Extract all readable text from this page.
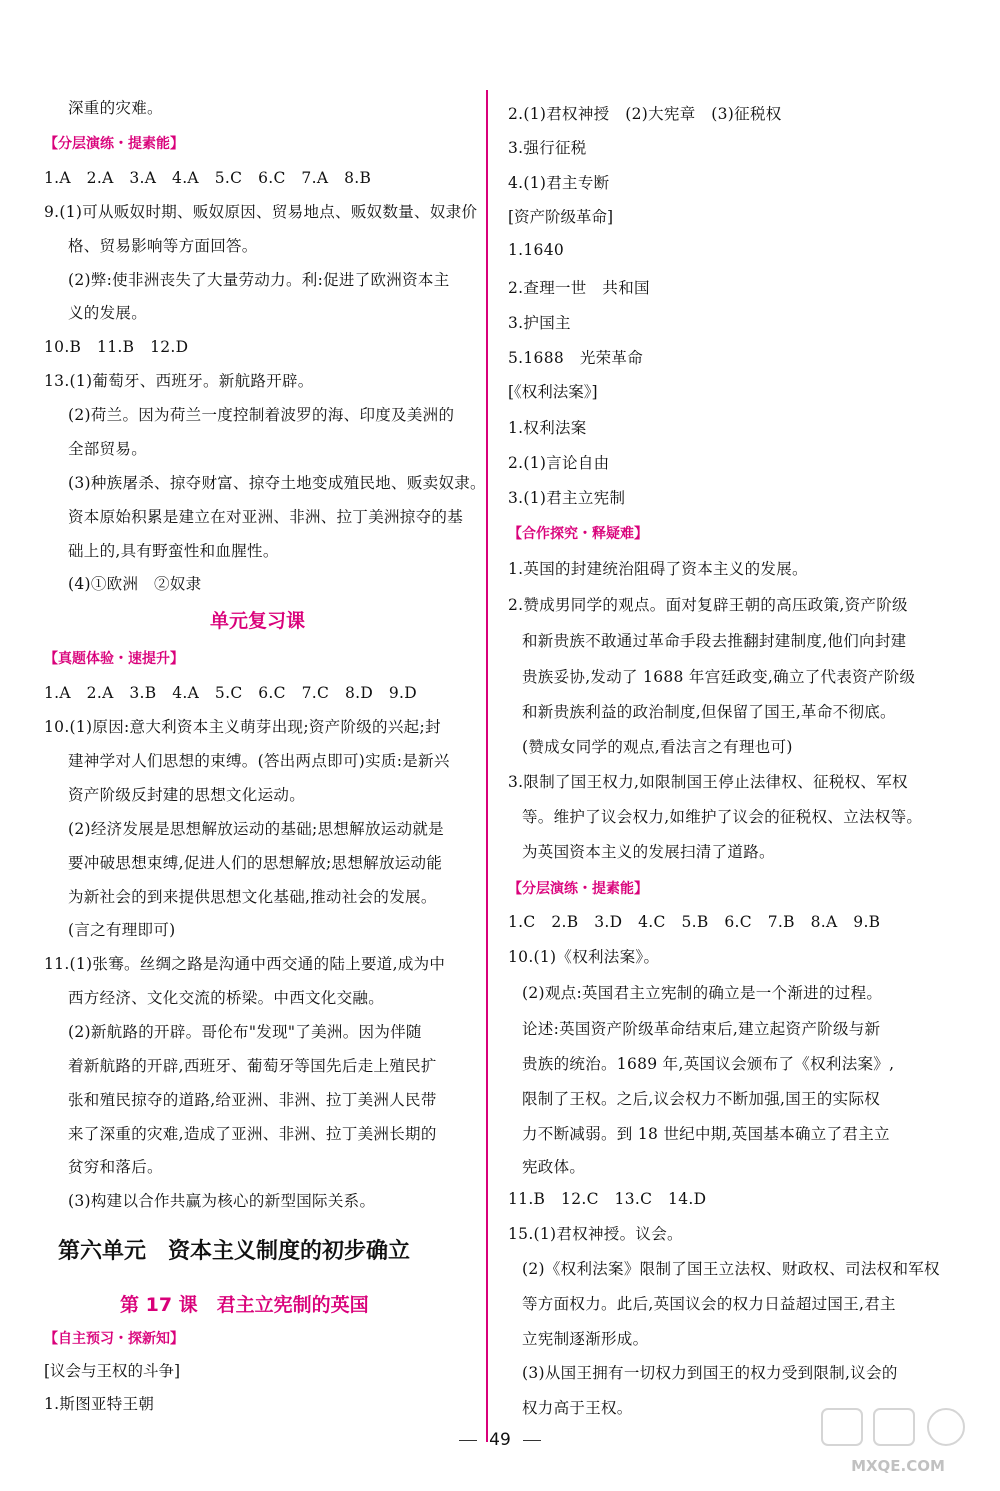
深重的灾难。
【分层演练・提素能】
1.A　2.A　3.A　4.A　5.C　6.C　7.A　8.B
9.(1)可从贩奴时期、贩奴原因、贸易地点、贩奴数量、奴隶价
格、贸易影响等方面回答。
(2)弊:使非洲丧失了大量劳动力。利:促进了欧洲资本主
义的发展。
10.B　11.B　12.D
13.(1)葡萄牙、西班牙。新航路开辟。
(2)荷兰。因为荷兰一度控制着波罗的海、印度及美洲的
全部贸易。
(3)种族屠杀、掠夺财富、掠夺土地变成殖民地、贩卖奴隶。
资本原始积累是建立在对亚洲、非洲、拉丁美洲掠夺的基
础上的,具有野蛮性和血腥性。
(4)①欧洲　②奴隶
单元复习课
【真题体验・速提升】
1.A　2.A　3.B　4.A　5.C　6.C　7.C　8.D　9.D
10.(1)原因:意大利资本主义萌芽出现;资产阶级的兴起;封
建神学对人们思想的束缚。(答出两点即可)实质:是新兴
资产阶级反封建的思想文化运动。
(2)经济发展是思想解放运动的基础;思想解放运动就是
要冲破思想束缚,促进人们的思想解放;思想解放运动能
为新社会的到来提供思想文化基础,推动社会的发展。
(言之有理即可)
11.(1)张骞。丝绸之路是沟通中西交通的陆上要道,成为中
西方经济、文化交流的桥梁。中西文化交融。
(2)新航路的开辟。哥伦布"发现"了美洲。因为伴随
着新航路的开辟,西班牙、葡萄牙等国先后走上殖民扩
张和殖民掠夺的道路,给亚洲、非洲、拉丁美洲人民带
来了深重的灾难,造成了亚洲、非洲、拉丁美洲长期的
贫穷和落后。
(3)构建以合作共赢为核心的新型国际关系。
第六单元　资本主义制度的初步确立
第 17 课　君主立宪制的英国
【自主预习・探新知】
[议会与王权的斗争]
1.斯图亚特王朝
2.(1)君权神授　(2)大宪章　(3)征税权
3.强行征税
4.(1)君主专断
[资产阶级革命]
1.1640
2.查理一世　共和国
3.护国主
5.1688　光荣革命
[《权利法案》]
1.权利法案
2.(1)言论自由
3.(1)君主立宪制
【合作探究・释疑难】
1.英国的封建统治阻碍了资本主义的发展。
2.赞成男同学的观点。面对复辟王朝的高压政策,资产阶级
和新贵族不敢通过革命手段去推翻封建制度,他们向封建
贵族妥协,发动了 1688 年宫廷政变,确立了代表资产阶级
和新贵族利益的政治制度,但保留了国王,革命不彻底。
(赞成女同学的观点,看法言之有理也可)
3.限制了国王权力,如限制国王停止法律权、征税权、军权
等。维护了议会权力,如维护了议会的征税权、立法权等。
为英国资本主义的发展扫清了道路。
【分层演练・提素能】
1.C　2.B　3.D　4.C　5.B　6.C　7.B　8.A　9.B
10.(1)《权利法案》。
(2)观点:英国君主立宪制的确立是一个渐进的过程。
论述:英国资产阶级革命结束后,建立起资产阶级与新
贵族的统治。1689 年,英国议会颁布了《权利法案》,
限制了王权。之后,议会权力不断加强,国王的实际权
力不断减弱。到 18 世纪中期,英国基本确立了君主立
宪政体。
11.B　12.C　13.C　14.D
15.(1)君权神授。议会。
(2)《权利法案》限制了国王立法权、财政权、司法权和军权
等方面权力。此后,英国议会的权力日益超过国王,君主
立宪制逐渐形成。
(3)从国王拥有一切权力到国王的权力受到限制,议会的
权力高于王权。
49
MXQE.COM
